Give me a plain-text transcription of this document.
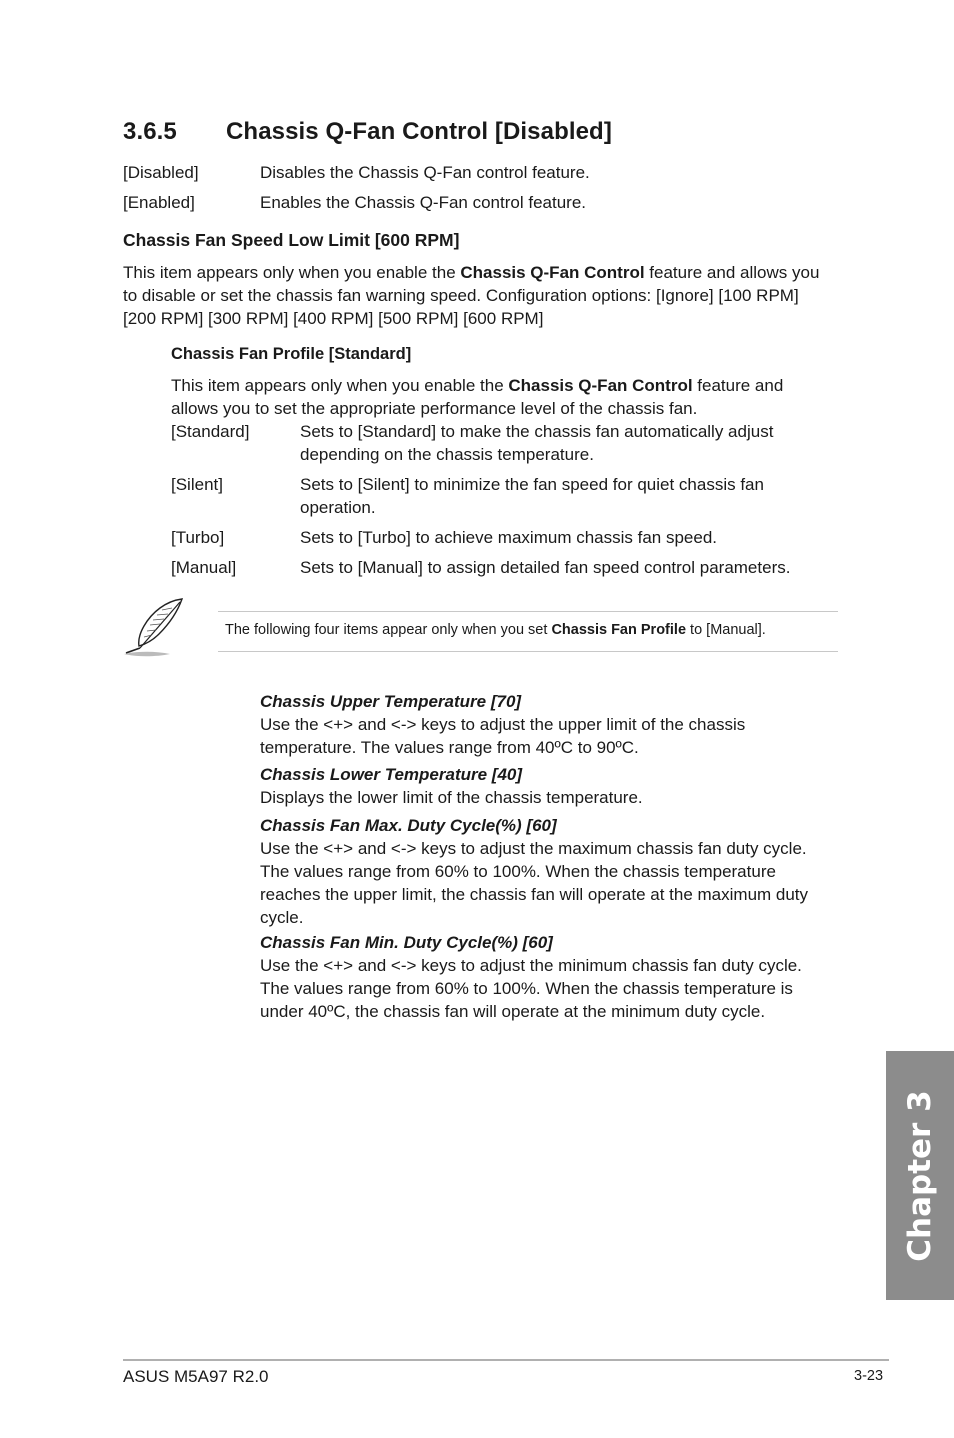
3.6.5 Chassis Q-Fan Control [Disabled]
[Disabled]	Disables the Chassis Q-Fan control feature.
[Enabled]	Enables the Chassis Q-Fan control feature.
Chassis Fan Speed Low Limit [600 RPM]
This item appears only when you enable the Chassis Q-Fan Control feature and allows you
to disable or set the chassis fan warning speed. Configuration options: [Ignore] [100 RPM]
[200 RPM] [300 RPM] [400 RPM] [500 RPM] [600 RPM]
Chassis Fan Profile [Standard]
This item appears only when you enable the Chassis Q-Fan Control feature and
allows you to set the appropriate performance level of the chassis fan.
[Standard]	Sets to [Standard] to make the chassis fan automatically adjust
depending on the chassis temperature.
[Silent]	Sets to [Silent] to minimize the fan speed for quiet chassis fan
operation.
[Turbo]	Sets to [Turbo] to achieve maximum chassis fan speed.
[Manual]	Sets to [Manual] to assign detailed fan speed control parameters.
The following four items appear only when you set Chassis Fan Profile to [Manual].
Chassis Upper Temperature [70]
Use the <+> and <-> keys to adjust the upper limit of the chassis
temperature. The values range from 40ºC to 90ºC.
Chassis Lower Temperature [40]
Displays the lower limit of the chassis temperature.
Chassis Fan Max. Duty Cycle(%) [60]
Use the <+> and <-> keys to adjust the maximum chassis fan duty cycle.
The values range from 60% to 100%. When the chassis temperature
reaches the upper limit, the chassis fan will operate at the maximum duty
cycle.
Chassis Fan Min. Duty Cycle(%) [60]
Use the <+> and <-> keys to adjust the minimum chassis fan duty cycle.
The values range from 60% to 100%. When the chassis temperature is
under 40ºC, the chassis fan will operate at the minimum duty cycle.
Chapter 3
ASUS M5A97 R2.0	3-23
